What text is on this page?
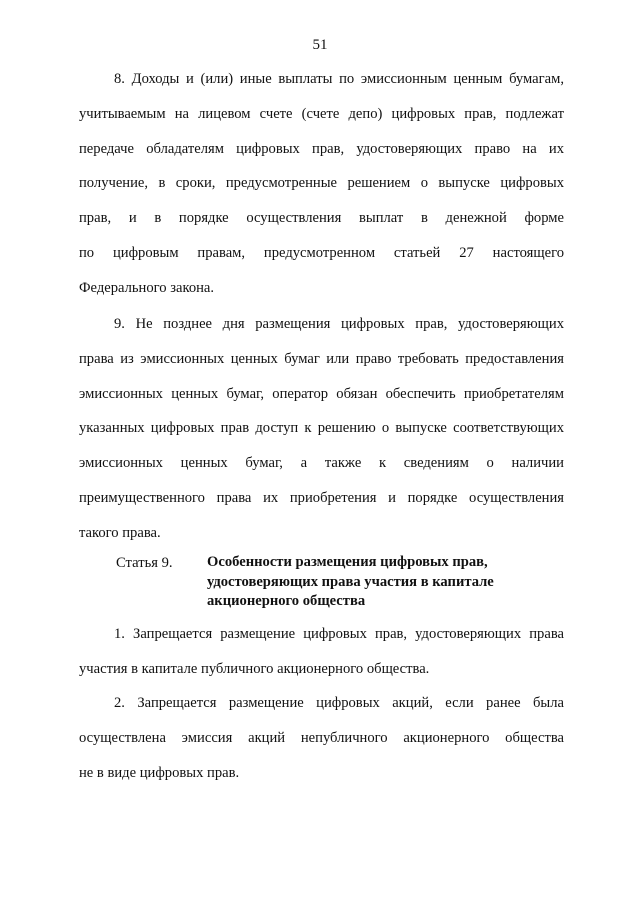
51

8. Доходы и (или) иные выплаты по эмиссионным ценным бумагам,
учитываемым на лицевом счете (счете депо) цифровых прав, подлежат
передаче обладателям цифровых прав, удостоверяющих право на их
получение, в сроки, предусмотренные решением о выпуске цифровых
прав, и в порядке осуществления выплат в денежной форме
по цифровым правам, предусмотренном статьей 27 настоящего
Федерального закона.

9. Не позднее дня размещения цифровых прав, удостоверяющих
права из эмиссионных ценных бумаг или право требовать предоставления
эмиссионных ценных бумаг, оператор обязан обеспечить приобретателям
указанных цифровых прав доступ к решению о выпуске соответствующих
эмиссионных ценных бумаг, а также к сведениям о наличии
преимущественного права их приобретения и порядке осуществления
такого права.

Статья 9.	Особенности размещения цифровых прав,
удостоверяющих права участия в капитале
акционерного общества

1. Запрещается размещение цифровых прав, удостоверяющих права
участия в капитале публичного акционерного общества.

2. Запрещается размещение цифровых акций, если ранее была
осуществлена эмиссия акций непубличного акционерного общества
не в виде цифровых прав.
